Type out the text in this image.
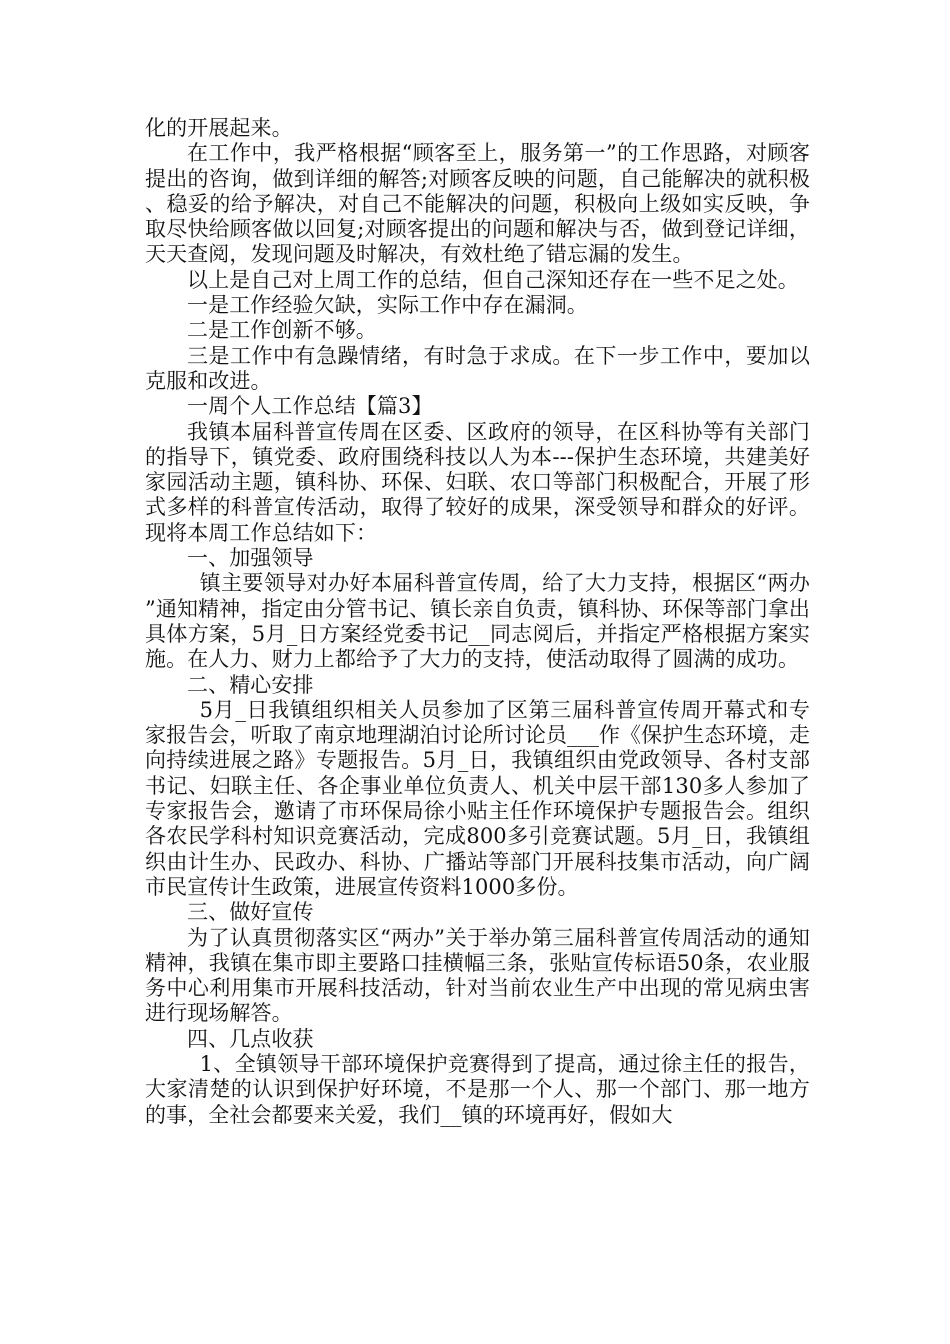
化的开展起来。

在工作中，我严格根据“顾客至上，服务第一”的工作思路，对顾客提出的咨询，做到详细的解答;对顾客反映的问题，自己能解决的就积极、稳妥的给予解决，对自己不能解决的问题，积极向上级如实反映，争取尽快给顾客做以回复;对顾客提出的问题和解决与否，做到登记详细，天天查阅，发现问题及时解决，有效杜绝了错忘漏的发生。

以上是自己对上周工作的总结，但自己深知还存在一些不足之处。

一是工作经验欠缺，实际工作中存在漏洞。

二是工作创新不够。

三是工作中有急躁情绪，有时急于求成。在下一步工作中，要加以克服和改进。

一周个人工作总结【篇3】

我镇本届科普宣传周在区委、区政府的领导，在区科协等有关部门的指导下，镇党委、政府围绕科技以人为本---保护生态环境，共建美好家园活动主题，镇科协、环保、妇联、农口等部门积极配合，开展了形式多样的科普宣传活动，取得了较好的成果，深受领导和群众的好评。现将本周工作总结如下：

一、加强领导

镇主要领导对办好本届科普宣传周，给了大力支持，根据区“两办”通知精神，指定由分管书记、镇长亲自负责，镇科协、环保等部门拿出具体方案，5月_日方案经党委书记__同志阅后，并指定严格根据方案实施。在人力、财力上都给予了大力的支持，使活动取得了圆满的成功。

二、精心安排

5月_日我镇组织相关人员参加了区第三届科普宣传周开幕式和专家报告会，听取了南京地理湖泊讨论所讨论员___作《保护生态环境，走向持续进展之路》专题报告。5月_日，我镇组织由党政领导、各村支部书记、妇联主任、各企事业单位负责人、机关中层干部130多人参加了专家报告会，邀请了市环保局徐小贴主任作环境保护专题报告会。组织各农民学科村知识竞赛活动，完成800多引竞赛试题。5月_日，我镇组织由计生办、民政办、科协、广播站等部门开展科技集市活动，向广阔市民宣传计生政策，进展宣传资料1000多份。

三、做好宣传

为了认真贯彻落实区“两办”关于举办第三届科普宣传周活动的通知精神，我镇在集市即主要路口挂横幅三条，张贴宣传标语50条，农业服务中心利用集市开展科技活动，针对当前农业生产中出现的常见病虫害进行现场解答。

四、几点收获

1、全镇领导干部环境保护竞赛得到了提高，通过徐主任的报告，大家清楚的认识到保护好环境，不是那一个人、那一个部门、那一地方的事，全社会都要来关爱，我们__镇的环境再好，假如大
